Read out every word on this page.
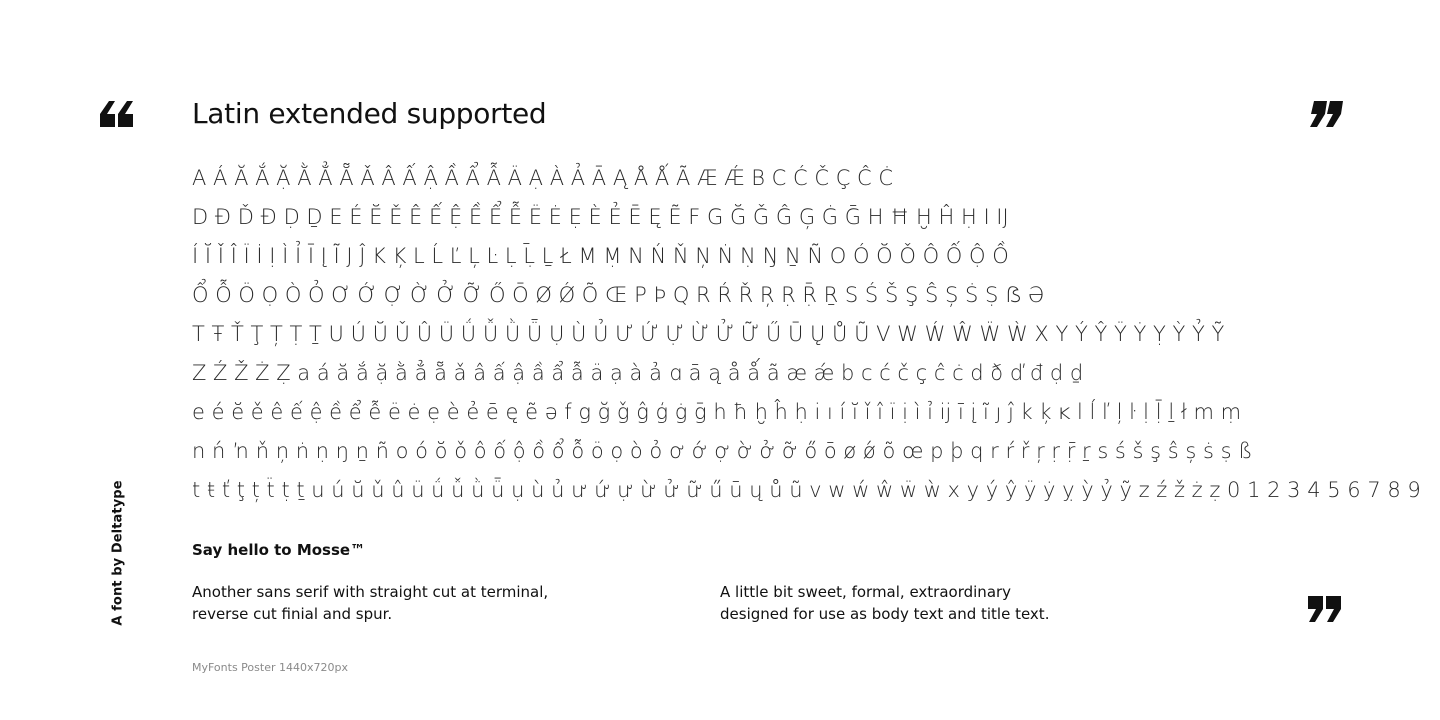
A font by Deltatype
Latin extended supported
A Á Ă Ắ Ặ Ằ Ẳ Ẵ Ǎ Â Ấ Ậ Ầ Ẩ Ẫ Ä Ạ À Ả Ā Ą Å Ǻ Ã Æ Ǽ B C Ć Č Ç Ĉ Ċ
D Ð Ď Đ Ḍ Ḏ E É Ĕ Ě Ê Ế Ệ Ề Ể Ễ Ë Ė Ẹ È Ẻ Ē Ę Ẽ F G Ğ Ǧ Ĝ Ģ Ġ Ḡ H Ħ Ḫ Ĥ Ḥ I Ĳ
Í Ĭ Ǐ Î Ï İ Ị Ì Ỉ Ī Į Ĩ J Ĵ K Ķ L Ĺ Ľ Ļ Ŀ Ḷ Ḹ Ḻ Ł M Ṃ N Ń Ň Ņ Ṅ Ṇ Ŋ Ṉ Ñ O Ó Ŏ Ǒ Ô Ố Ộ Ồ
Ổ Ỗ Ö Ọ Ò Ỏ Ơ Ớ Ợ Ờ Ở Ỡ Ő Ō Ø Ǿ Õ Œ P Þ Q R Ŕ Ř Ŗ Ṛ Ṝ Ṟ S Ś Š Ş Ŝ Ș Ṡ Ṣ ẞ Ə
T Ŧ Ť Ţ Ț Ṭ Ṯ U Ú Ŭ Ǔ Û Ü Ǘ Ǚ Ǜ Ǖ Ụ Ù Ủ Ư Ứ Ự Ừ Ử Ữ Ű Ū Ų Ů Ũ V W Ẃ Ŵ Ẅ Ẁ X Y Ý Ŷ Ÿ Ẏ Ỵ Ỳ Ỷ Ỹ
Z Ź Ž Ż Ẓ a á ă ắ ặ ằ ẳ ẵ ǎ â ấ ậ ầ ẩ ẫ ä ạ à ả ɑ ā ą å ǻ ã æ ǽ b c ć č ç ĉ ċ d ð ď đ ḍ ḏ
e é ĕ ě ê ế ệ ề ể ễ ë ė ẹ è ẻ ē ę ẽ ə f g ğ ǧ ĝ ģ ġ ḡ h ħ ḫ ĥ ḥ i ı í ĭ ǐ î ï ị ì ỉ ĳ ī į ĩ ȷ ĵ k ķ ĸ l ĺ ľ ļ ŀ ḷ ḹ ḻ ł m ṃ
n ń ŉ ň ņ ṅ ṇ ŋ ṉ ñ o ó ŏ ǒ ô ố ộ ồ ổ ỗ ö ọ ò ỏ ơ ớ ợ ờ ở ỡ ő ō ø ǿ õ œ p þ q r ŕ ř ŗ ṛ ṝ ṟ s ś š ş ŝ ș ṡ ṣ ß
t ŧ ť ţ ț ẗ ṭ ṯ u ú ŭ ǔ û ü ǘ ǚ ǜ ǖ ụ ù ủ ư ứ ự ừ ử ữ ű ū ų ů ũ v w ẃ ŵ ẅ ẁ x y ý ŷ ÿ ẏ ỵ ỳ ỷ ỹ z ź ž ż ẓ 0 1 2 3 4 5 6 7 8 9
Say hello to Mosse™
Another sans serif with straight cut at terminal,
reverse cut finial and spur.
A little bit sweet, formal, extraordinary
designed for use as body text and title text.
MyFonts Poster 1440x720px
